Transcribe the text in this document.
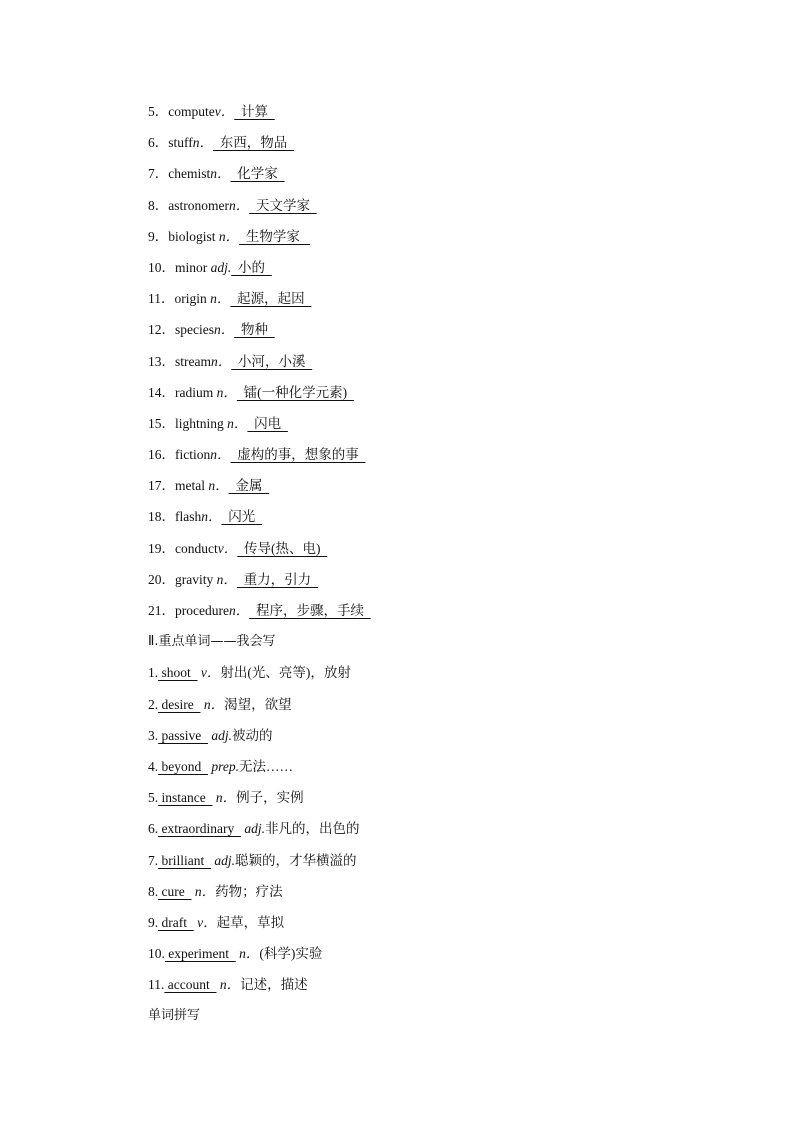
5．computev．  计算
6．stuffn．  东西，物品
7．chemistn．  化学家
8．astronomern．  天文学家
9．biologist n．  生物学家
10．minor adj.  小的
11．origin n．  起源，起因
12．speciesn．  物种
13．streamn．  小河，小溪
14．radium n．  镭(一种化学元素)
15．lightning n．  闪电
16．fictionn．  虚构的事，想象的事
17．metal n．  金属
18．flashn．  闪光
19．conductv．  传导(热、电)
20．gravity n．  重力，引力
21．proceduren．  程序，步骤，手续
Ⅱ.重点单词——我会写
1. shoot   v．射出(光、亮等)，放射
2. desire   n．渴望，欲望
3. passive   adj.被动的
4. beyond   prep.无法……
5. instance   n．例子，实例
6. extraordinary   adj.非凡的，出色的
7. brilliant   adj.聪颖的，才华横溢的
8. cure   n．药物；疗法
9. draft   v．起草，草拟
10. experiment   n．(科学)实验
11. account   n．记述，描述
单词拼写
